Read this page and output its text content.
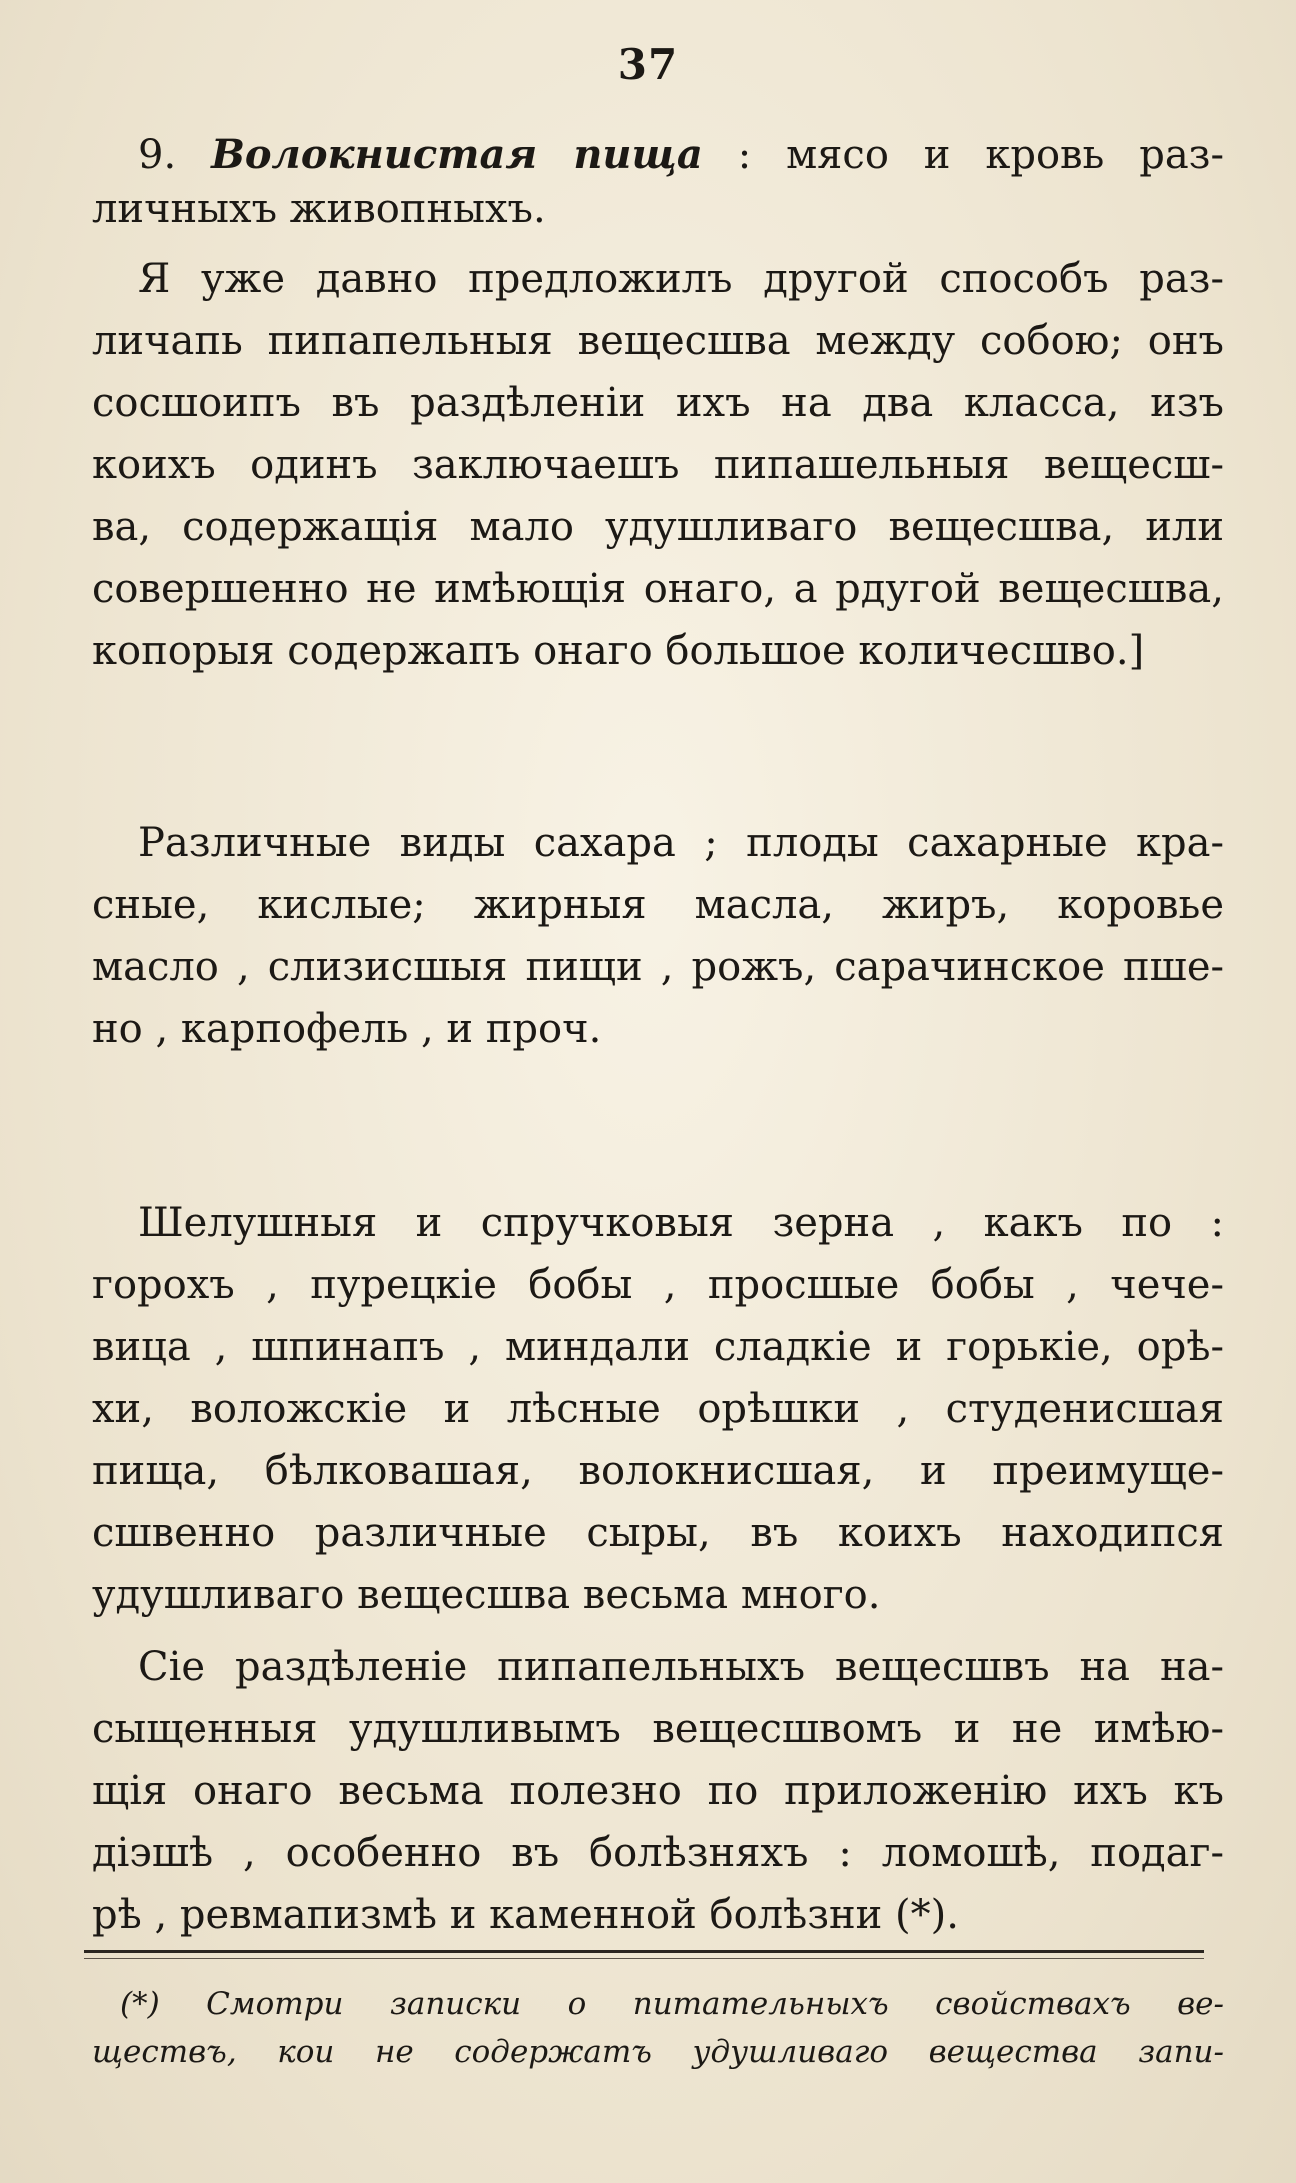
37
9. Волокнистая пища : мясо и кровь раз-
личныхъ живопныхъ.
Я уже давно предложилъ другой способъ раз-
личапь пипапельныя вещесшва между собою; онъ
сосшоипъ въ раздѣленiи ихъ на два класса, изъ
коихъ одинъ заключаешъ пипашельныя вещесш-
ва, содержащiя мало удушливаго вещесшва, или
совершенно не имѣющiя онаго, а рдугой вещесшва,
копорыя содержапъ онаго большое количесшво.]
Различные виды сахара ; плоды сахарные кра-
сные, кислые; жирныя масла, жиръ, коровье
масло , слизисшыя пищи , рожъ, сарачинское пше-
но , карпофель , и проч.
Шелушныя и спручковыя зерна , какъ по :
горохъ , пурецкiе бобы , просшые бобы , чече-
вица , шпинапъ , миндали сладкiе и горькiе, орѣ-
хи, воложскiе и лѣсные орѣшки , студенисшая
пища, бѣлковашая, волокнисшая, и преимуще-
сшвенно различные сыры, въ коихъ находипся
удушливаго вещесшва весьма много.
Сiе раздѣленiе пипапельныхъ вещесшвъ на на-
сыщенныя удушливымъ вещесшвомъ и не имѣю-
щiя онаго весьма полезно по приложенiю ихъ къ
дiэшѣ , особенно въ болѣзняхъ : ломошѣ, подаг-
рѣ , ревмапизмѣ и каменной болѣзни (*).
(*) Смотри записки о питательныхъ свойствахъ ве-
ществъ, кои не содержатъ удушливаго вещества запи-
